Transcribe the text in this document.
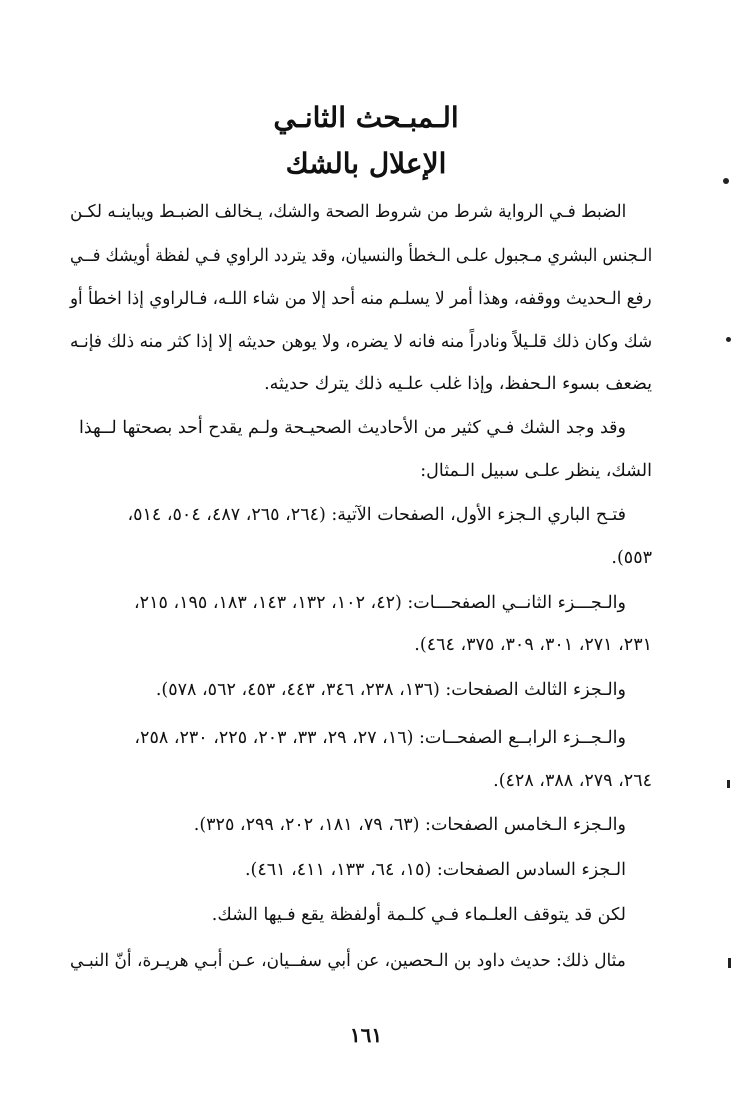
الـمبـحث الثانـي
الإعلال بالشك
الضبط فـي الرواية شرط من شروط الصحة والشك، يـخالف الضبـط ويباينـه لكـن
الـجنس البشري مـجبول علـى الـخطأ والنسيان، وقد يتردد الراوي فـي لفظة أويشك فــي
رفع الـحديث ووقفه، وهذا أمر لا يسلـم منه أحد إلا من شاء اللـه، فـالراوي إذا اخطأ أو
شك وكان ذلك قلـيلاً ونادراً منه فانه لا يضره، ولا يوهن حديثه إلا إذا كثر منه ذلك فإنـه
يضعف بسوء الـحفظ، وإذا غلب علـيه ذلك يترك حديثه.
وقد وجد الشك فـي كثير من الأحاديث الصحيـحة ولـم يقدح أحد بصحتها لــهذا
الشك، ينظر علـى سبيل الـمثال:
فتـح الباري الـجزء الأول، الصفحات الآتية: (٢٦٤، ٢٦٥، ٤٨٧، ٥٠٤، ٥١٤،
٥٥٣).
والـجـــزء الثانــي الصفحـــات: (٤٢، ١٠٢، ١٣٢، ١٤٣، ١٨٣، ١٩٥، ٢١٥،
٢٣١، ٢٧١، ٣٠١، ٣٠٩، ٣٧٥، ٤٦٤).
والـجزء الثالث الصفحات: (١٣٦، ٢٣٨، ٣٤٦، ٤٤٣، ٤٥٣، ٥٦٢، ٥٧٨).
والـجــزء الرابــع الصفحــات: (١٦، ٢٧، ٢٩، ٣٣، ٢٠٣، ٢٢٥، ٢٣٠، ٢٥٨،
٢٦٤، ٢٧٩، ٣٨٨، ٤٢٨).
والـجزء الـخامس الصفحات: (٦٣، ٧٩، ١٨١، ٢٠٢، ٢٩٩، ٣٢٥).
الـجزء السادس الصفحات: (١٥، ٦٤، ١٣٣، ٤١١، ٤٦١).
لكن قد يتوقف العلـماء فـي كلـمة أولفظة يقع فـيها الشك.
مثال ذلك: حديث داود بن الـحصين، عن أبي سفــيان، عـن أبـي هريـرة، أنّ النبـي
١٦١
